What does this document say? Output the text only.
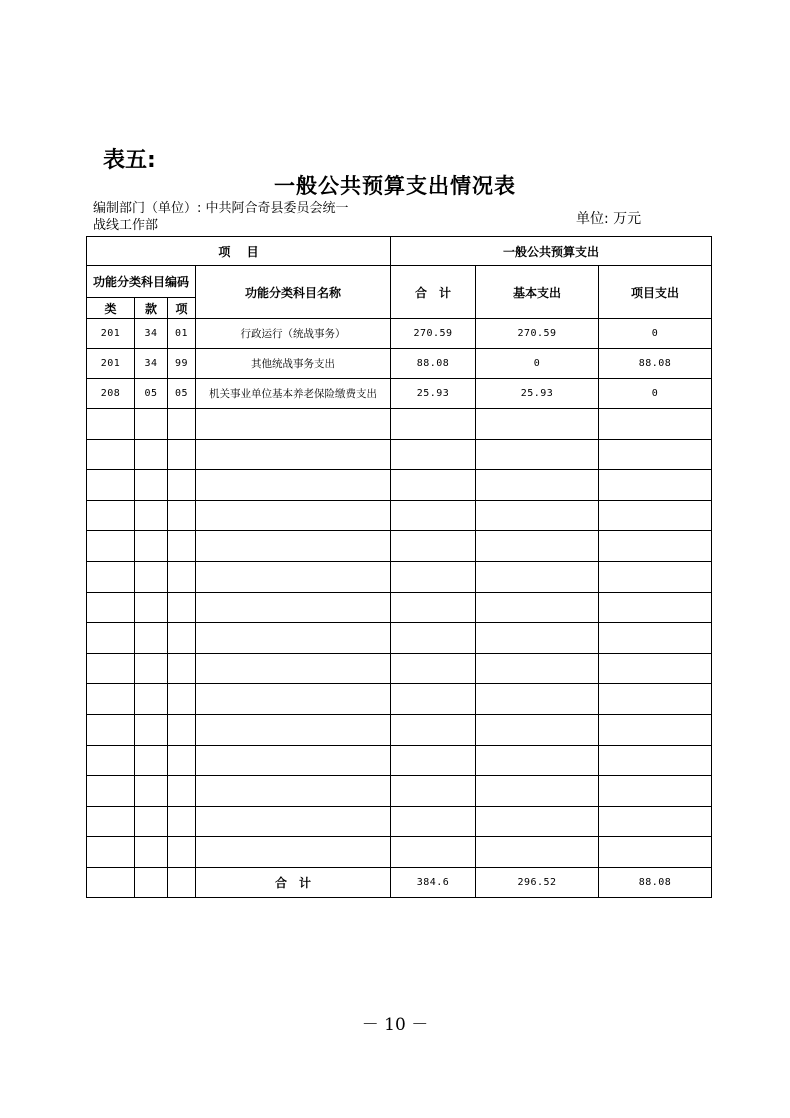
表五:
一般公共预算支出情况表
编制部门（单位）: 中共阿合奇县委员会统一
战线工作部	单位: 万元
项　 目				一般公共预算支出		
功能分类科目编码			功能分类科目名称	合　计	基本支出	项目支出
类	款	项				
201	34	01	行政运行（统战事务）	270.59	270.59	0
201	34	99	其他统战事务支出	88.08	0	88.08
208	05	05	机关事业单位基本养老保险缴费支出	25.93	25.93	0

			合　计	384.6	296.52	88.08
－ 10 －
